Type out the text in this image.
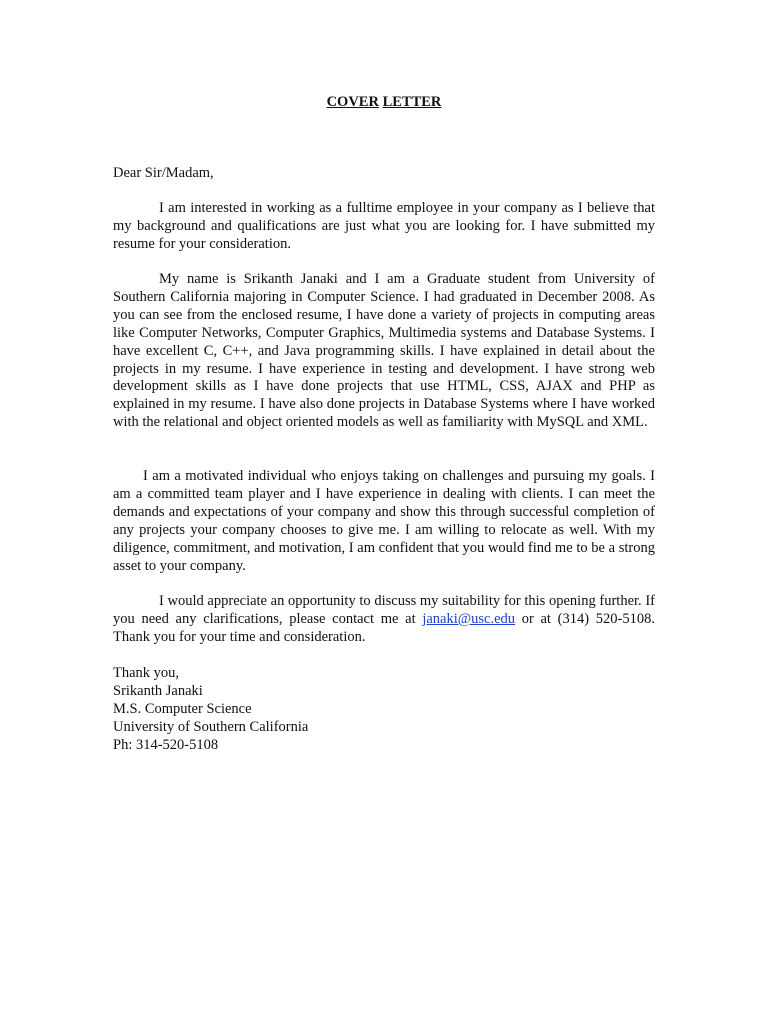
COVER LETTER

Dear Sir/Madam,

I am interested in working as a fulltime employee in your company as I believe that my background and qualifications are just what you are looking for. I have submitted my resume for your consideration.

My name is Srikanth Janaki and I am a Graduate student from University of Southern California majoring in Computer Science. I had graduated in December 2008. As you can see from the enclosed resume, I have done a variety of projects in computing areas like Computer Networks, Computer Graphics, Multimedia systems and Database Systems. I have excellent C, C++, and Java programming skills. I have explained in detail about the projects in my resume. I have experience in testing and development. I have strong web development skills as I have done projects that use HTML, CSS, AJAX and PHP as explained in my resume. I have also done projects in Database Systems where I have worked with the relational and object oriented models as well as familiarity with MySQL and XML.

I am a motivated individual who enjoys taking on challenges and pursuing my goals. I am a committed team player and I have experience in dealing with clients. I can meet the demands and expectations of your company and show this through successful completion of any projects your company chooses to give me. I am willing to relocate as well. With my diligence, commitment, and motivation, I am confident that you would find me to be a strong asset to your company.

I would appreciate an opportunity to discuss my suitability for this opening further. If you need any clarifications, please contact me at janaki@usc.edu or at (314) 520-5108. Thank you for your time and consideration.

Thank you,
Srikanth Janaki
M.S. Computer Science
University of Southern California
Ph: 314-520-5108
